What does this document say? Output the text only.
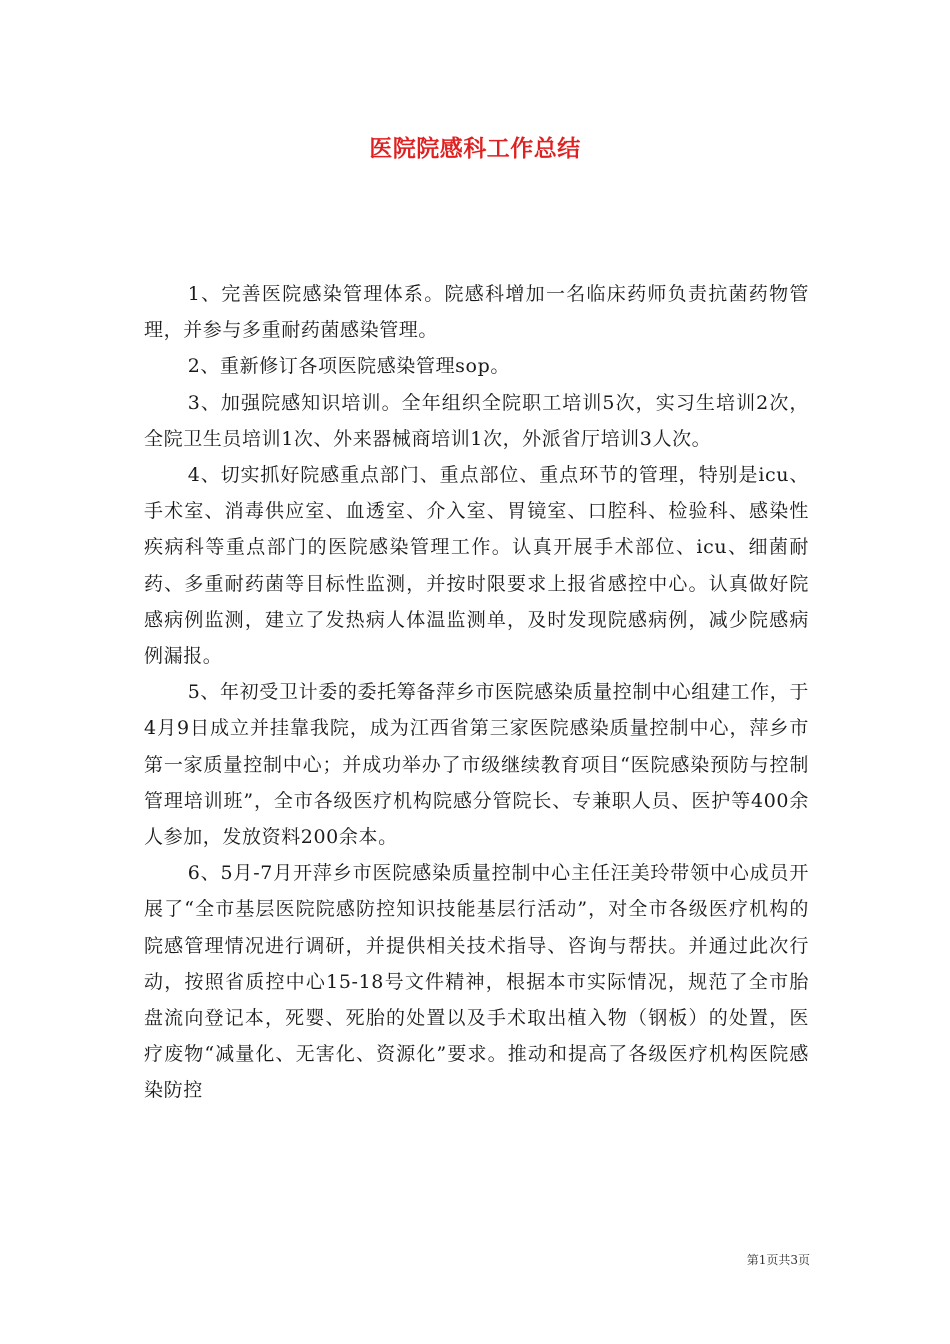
医院院感科工作总结

1、完善医院感染管理体系。院感科增加一名临床药师负责抗菌药物管理，并参与多重耐药菌感染管理。

2、重新修订各项医院感染管理sop。

3、加强院感知识培训。全年组织全院职工培训5次，实习生培训2次，全院卫生员培训1次、外来器械商培训1次，外派省厅培训3人次。

4、切实抓好院感重点部门、重点部位、重点环节的管理，特别是icu、手术室、消毒供应室、血透室、介入室、胃镜室、口腔科、检验科、感染性疾病科等重点部门的医院感染管理工作。认真开展手术部位、icu、细菌耐药、多重耐药菌等目标性监测，并按时限要求上报省感控中心。认真做好院感病例监测，建立了发热病人体温监测单，及时发现院感病例，减少院感病例漏报。

5、年初受卫计委的委托筹备萍乡市医院感染质量控制中心组建工作，于4月9日成立并挂靠我院，成为江西省第三家医院感染质量控制中心，萍乡市第一家质量控制中心；并成功举办了市级继续教育项目“医院感染预防与控制管理培训班”，全市各级医疗机构院感分管院长、专兼职人员、医护等400余人参加，发放资料200余本。

6、5月-7月开萍乡市医院感染质量控制中心主任汪美玲带领中心成员开展了“全市基层医院院感防控知识技能基层行活动”，对全市各级医疗机构的院感管理情况进行调研，并提供相关技术指导、咨询与帮扶。并通过此次行动，按照省质控中心15-18号文件精神，根据本市实际情况，规范了全市胎盘流向登记本，死婴、死胎的处置以及手术取出植入物（钢板）的处置，医疗废物“减量化、无害化、资源化”要求。推动和提高了各级医疗机构医院感染防控

第1页共3页
